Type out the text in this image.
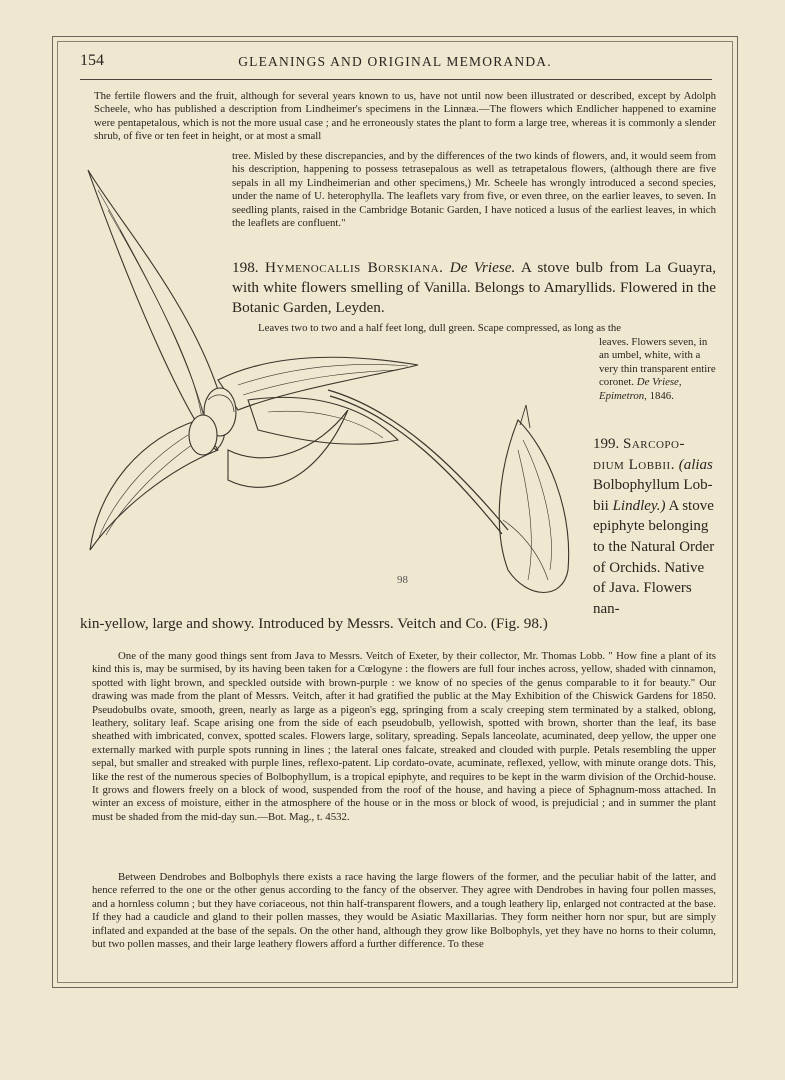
154	GLEANINGS AND ORIGINAL MEMORANDA.

The fertile flowers and the fruit, although for several years known to us, have not until now been illustrated or described, except by Adolph Scheele, who has published a description from Lindheimer's specimens in the Linnæa.—The flowers which Endlicher happened to examine were pentapetalous, which is not the more usual case ; and he erroneously states the plant to form a large tree, whereas it is commonly a slender shrub, of five or ten feet in height, or at most a small

tree. Misled by these discrepancies, and by the differences of the two kinds of flowers, and, it would seem from his description, happening to possess tetrasepalous as well as tetrapetalous flowers, (although there are five sepals in all my Lindheimerian and other specimens,) Mr. Scheele has wrongly introduced a second species, under the name of U. heterophylla. The leaflets vary from five, or even three, on the earlier leaves, to seven. In seedling plants, raised in the Cambridge Botanic Garden, I have noticed a lusus of the earliest leaves, in which the leaflets are confluent."

98
198. Hymenocallis Borskiana. De Vriese. A stove bulb from La Guayra, with white flowers smelling of Vanilla. Belongs to Amaryllids. Flowered in the Botanic Garden, Leyden.

Leaves two to two and a half feet long, dull green. Scape compressed, as long as the

leaves. Flowers seven, in an umbel, white, with a very thin transparent entire coronet. De Vriese, Epimetron, 1846.
199. Sarcopo- dium Lobbii. (alias Bolbophyllum Lob- bii Lindley.) A stove epiphyte belonging to the Natural Order of Orchids. Native of Java. Flowers nan-
kin-yellow, large and showy. Introduced by Messrs. Veitch and Co. (Fig. 98.)

One of the many good things sent from Java to Messrs. Veitch of Exeter, by their collector, Mr. Thomas Lobb. " How fine a plant of its kind this is, may be surmised, by its having been taken for a Cœlogyne : the flowers are full four inches across, yellow, shaded with cinnamon, spotted with light brown, and speckled outside with brown-purple : we know of no species of the genus comparable to it for beauty." Our drawing was made from the plant of Messrs. Veitch, after it had gratified the public at the May Exhibition of the Chiswick Gardens for 1850. Pseudobulbs ovate, smooth, green, nearly as large as a pigeon's egg, springing from a scaly creeping stem terminated by a stalked, oblong, leathery, solitary leaf. Scape arising one from the side of each pseudobulb, yellowish, spotted with brown, shorter than the leaf, its base sheathed with imbricated, convex, spotted scales. Flowers large, solitary, spreading. Sepals lanceolate, acuminated, deep yellow, the upper one externally marked with purple spots running in lines ; the lateral ones falcate, streaked and clouded with purple. Petals resembling the upper sepal, but smaller and streaked with purple lines, reflexo-patent. Lip cordato-ovate, acuminate, reflexed, yellow, with minute orange dots. This, like the rest of the numerous species of Bolbophyllum, is a tropical epiphyte, and requires to be kept in the warm division of the Orchid-house. It grows and flowers freely on a block of wood, suspended from the roof of the house, and having a piece of Sphagnum-moss attached. In winter an excess of moisture, either in the atmosphere of the house or in the moss or block of wood, is prejudicial ; and in summer the plant must be shaded from the mid-day sun.—Bot. Mag., t. 4532.

Between Dendrobes and Bolbophyls there exists a race having the large flowers of the former, and the peculiar habit of the latter, and hence referred to the one or the other genus according to the fancy of the observer. They agree with Dendrobes in having four pollen masses, and a hornless column ; but they have coriaceous, not thin half-transparent flowers, and a tough leathery lip, enlarged not contracted at the base. If they had a caudicle and gland to their pollen masses, they would be Asiatic Maxillarias. They form neither horn nor spur, but are simply inflated and expanded at the base of the sepals. On the other hand, although they grow like Bolbophyls, yet they have no horns to their column, but two pollen masses, and their large leathery flowers afford a further difference. To these
